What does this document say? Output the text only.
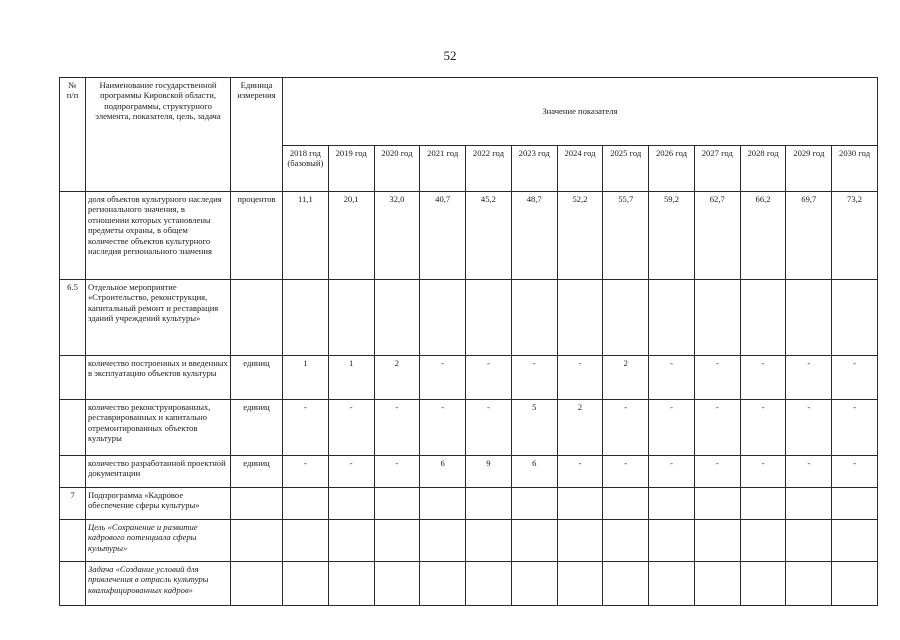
52
№
п/п	Наименование государственной программы Кировской области, подпрограммы, структурного элемента, показателя, цель, задача	Единица измерения	Значение показателя												
			2018 год (базовый)	2019 год	2020 год	2021 год	2022 год	2023 год	2024 год	2025 год	2026 год	2027 год	2028 год	2029 год	2030 год
	доля объектов культурного наследия регионального значения, в отношении которых установлены предметы охраны, в общем количестве объектов культурного наследия регионального значения	процентов	11,1	20,1	32,0	40,7	45,2	48,7	52,2	55,7	59,2	62,7	66,2	69,7	73,2
6.5	Отдельное мероприятие «Строительство, реконструкция, капитальный ремонт и реставрация зданий учреждений культуры»														
	количество построенных и введенных в эксплуатацию объектов культуры	единиц	1	1	2	-	-	-	-	2	-	-	-	-	-
	количество реконструированных, реставрированных и капитально отремонтированных объектов культуры	единиц	-	-	-	-	-	5	2	-	-	-	-	-	-
	количество разработанной проектной документации	единиц	-	-	-	6	9	6	-	-	-	-	-	-	-
7	Подпрограмма «Кадровое обеспечение сферы культуры»														
	Цель «Сохранение и развитие кадрового потенциала сферы культуры»														
	Задача «Создание условий для привлечения в отрасль культуры квалифицированных кадров»														
